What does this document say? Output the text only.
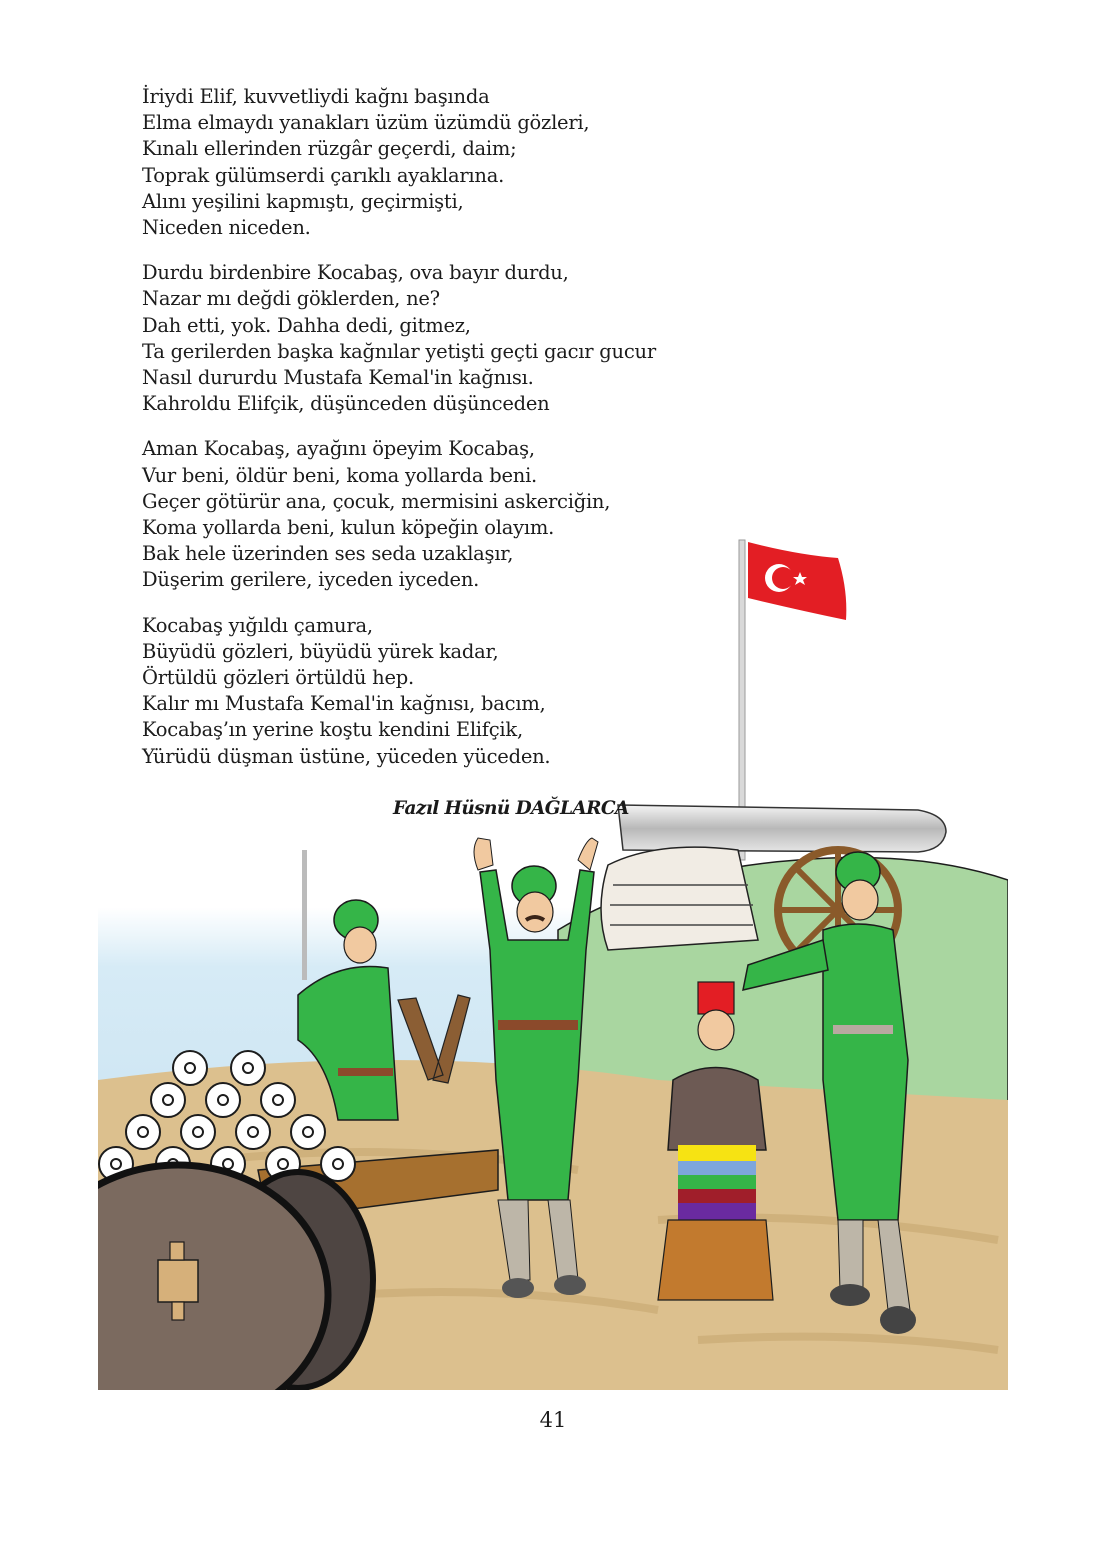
İriydi Elif, kuvvetliydi kağnı başında
Elma elmaydı yanakları üzüm üzümdü gözleri,
Kınalı ellerinden rüzgâr geçerdi, daim;
Toprak gülümserdi çarıklı ayaklarına.
Alını yeşilini kapmıştı, geçirmişti,
Niceden niceden.
Durdu birdenbire Kocabaş, ova bayır durdu,
Nazar mı değdi göklerden, ne?
Dah etti, yok. Dahha dedi, gitmez,
Ta gerilerden başka kağnılar yetişti geçti gacır gucur
Nasıl dururdu Mustafa Kemal'in kağnısı.
Kahroldu Elifçik, düşünceden düşünceden
Aman Kocabaş, ayağını öpeyim Kocabaş,
Vur beni, öldür beni, koma yollarda beni.
Geçer götürür ana, çocuk, mermisini askerciğin,
Koma yollarda beni, kulun köpeğin olayım.
Bak hele üzerinden ses seda uzaklaşır,
Düşerim gerilere, iyceden iyceden.
Kocabaş yığıldı çamura,
Büyüdü gözleri, büyüdü yürek kadar,
Örtüldü gözleri örtüldü hep.
Kalır mı Mustafa Kemal'in kağnısı, bacım,
Kocabaş’ın yerine koştu kendini Elifçik,
Yürüdü düşman üstüne, yüceden yüceden.
Fazıl Hüsnü DAĞLARCA
41
